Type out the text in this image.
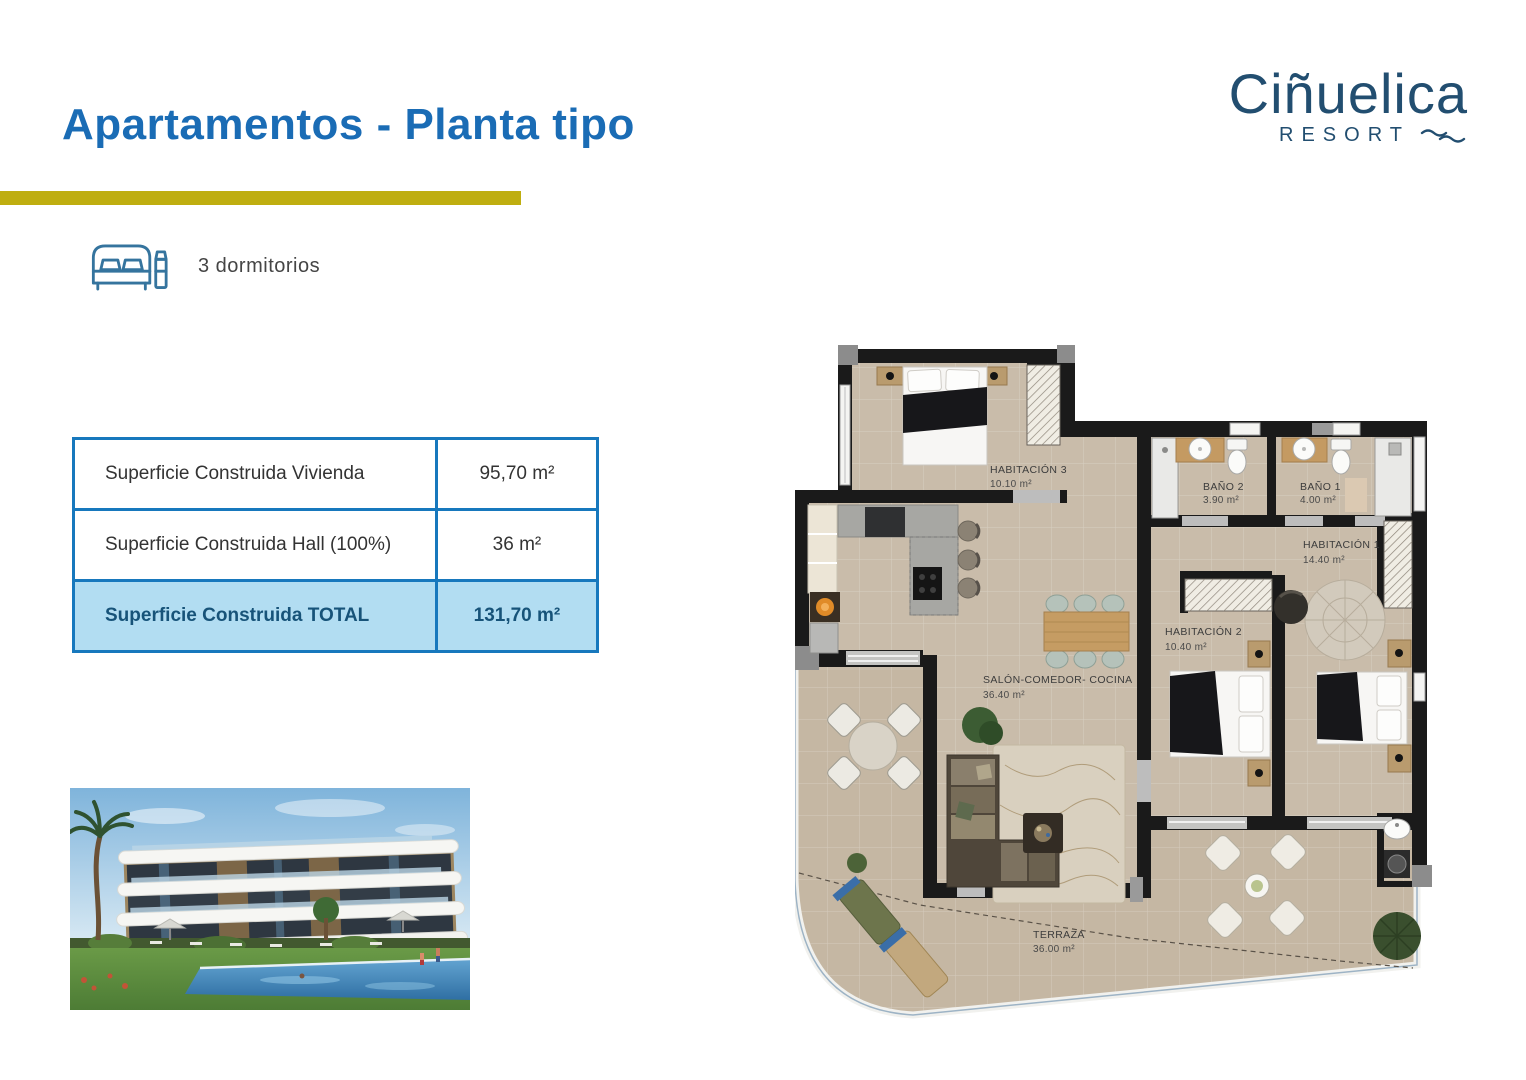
Apartamentos - Planta tipo	Ciñuelica
RESORT
3 dormitorios
Superficie Construida Vivienda	95,70 m²
Superficie Construida Hall (100%)	36 m²
Superficie Construida TOTAL	131,70 m²
HABITACIÓN 3
10.10 m²	BAÑO 2
3.90 m²
BAÑO 1
4.00 m²
HABITACIÓN 1
14.40 m²
HABITACIÓN 2
10.40 m²
SALÓN-COMEDOR- COCINA
36.40 m²
TERRAZA
36.00 m²
